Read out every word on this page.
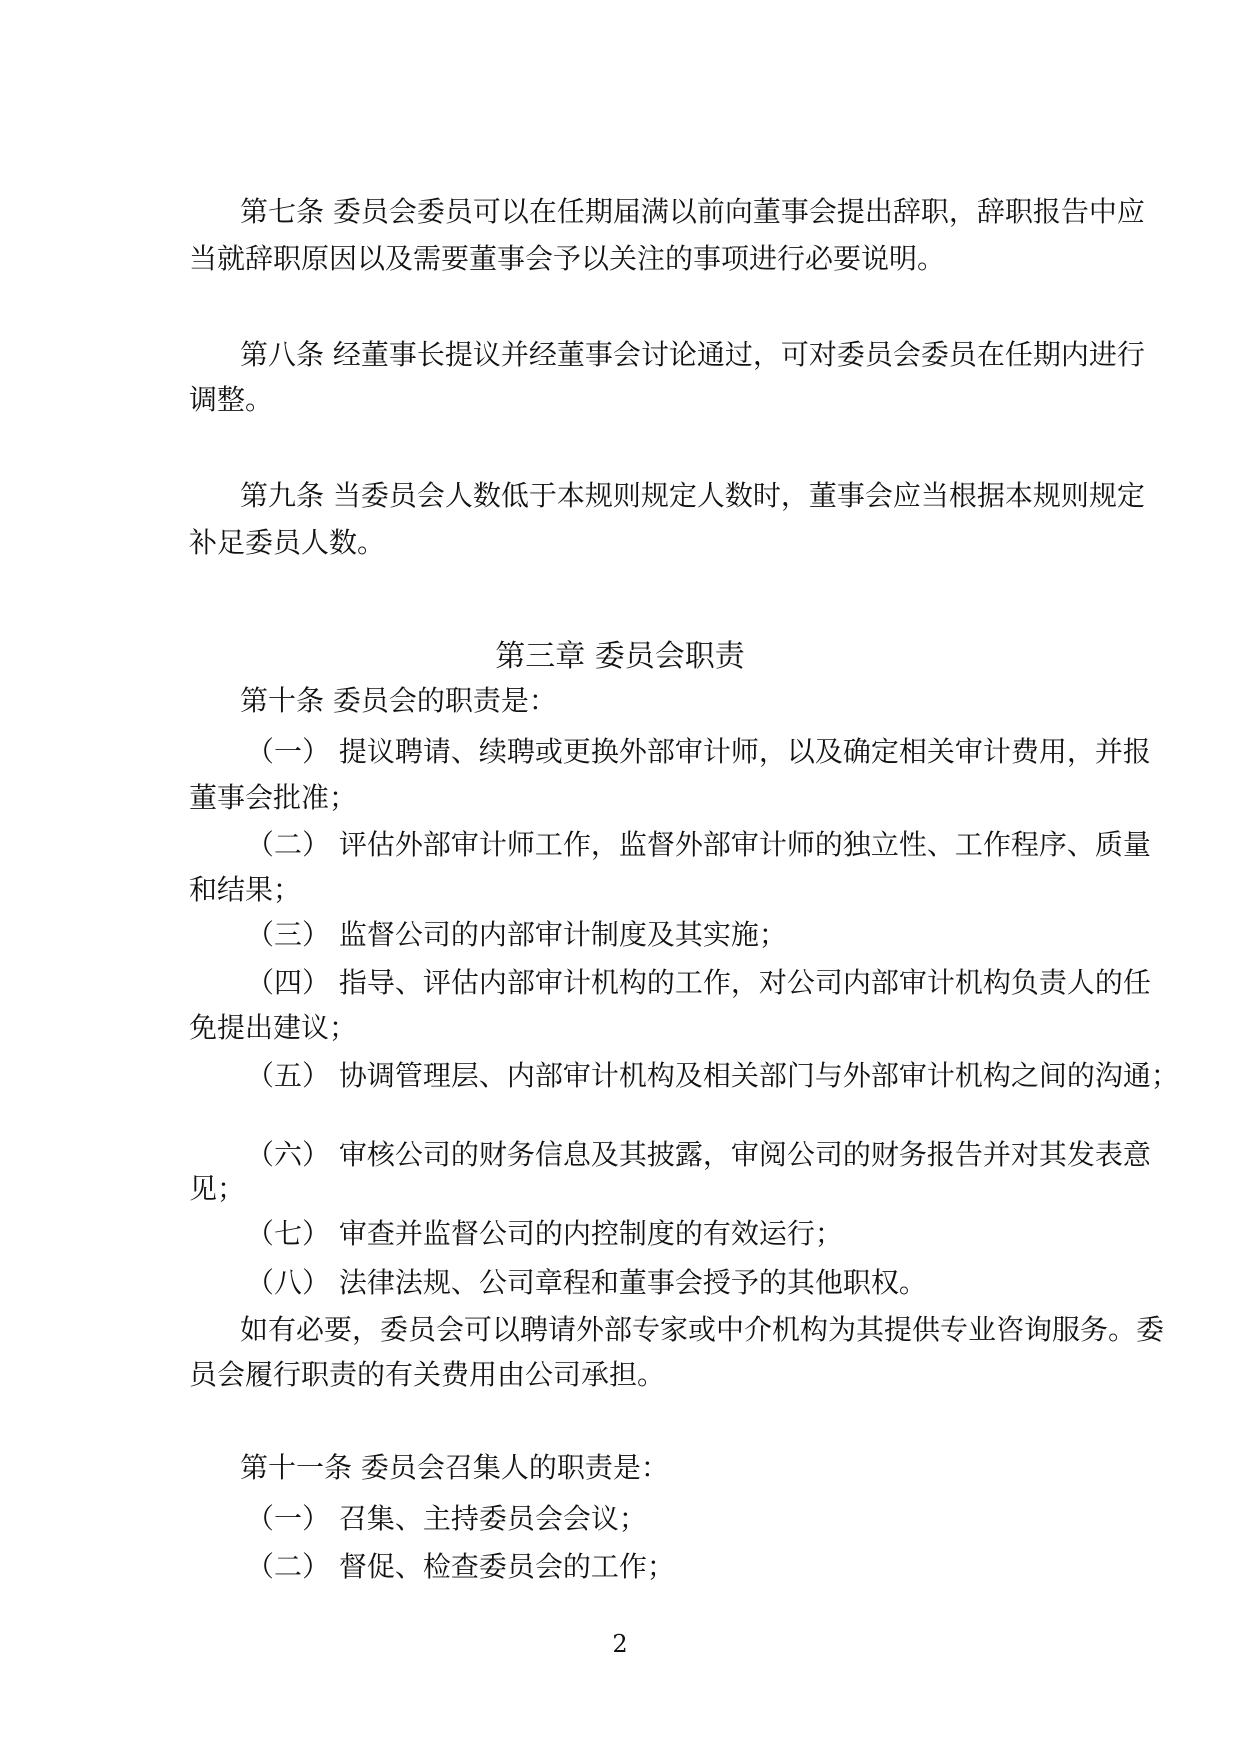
第七条 委员会委员可以在任期届满以前向董事会提出辞职，辞职报告中应
当就辞职原因以及需要董事会予以关注的事项进行必要说明。
第八条 经董事长提议并经董事会讨论通过，可对委员会委员在任期内进行
调整。
第九条 当委员会人数低于本规则规定人数时，董事会应当根据本规则规定
补足委员人数。
第三章 委员会职责
第十条 委员会的职责是：
（一） 提议聘请、续聘或更换外部审计师，以及确定相关审计费用，并报
董事会批准；
（二） 评估外部审计师工作，监督外部审计师的独立性、工作程序、质量
和结果；
（三） 监督公司的内部审计制度及其实施；
（四） 指导、评估内部审计机构的工作，对公司内部审计机构负责人的任
免提出建议；
（五） 协调管理层、内部审计机构及相关部门与外部审计机构之间的沟通；
（六） 审核公司的财务信息及其披露，审阅公司的财务报告并对其发表意
见；
（七） 审查并监督公司的内控制度的有效运行；
（八） 法律法规、公司章程和董事会授予的其他职权。
如有必要，委员会可以聘请外部专家或中介机构为其提供专业咨询服务。委
员会履行职责的有关费用由公司承担。
第十一条 委员会召集人的职责是：
（一） 召集、主持委员会会议；
（二） 督促、检查委员会的工作；
2
